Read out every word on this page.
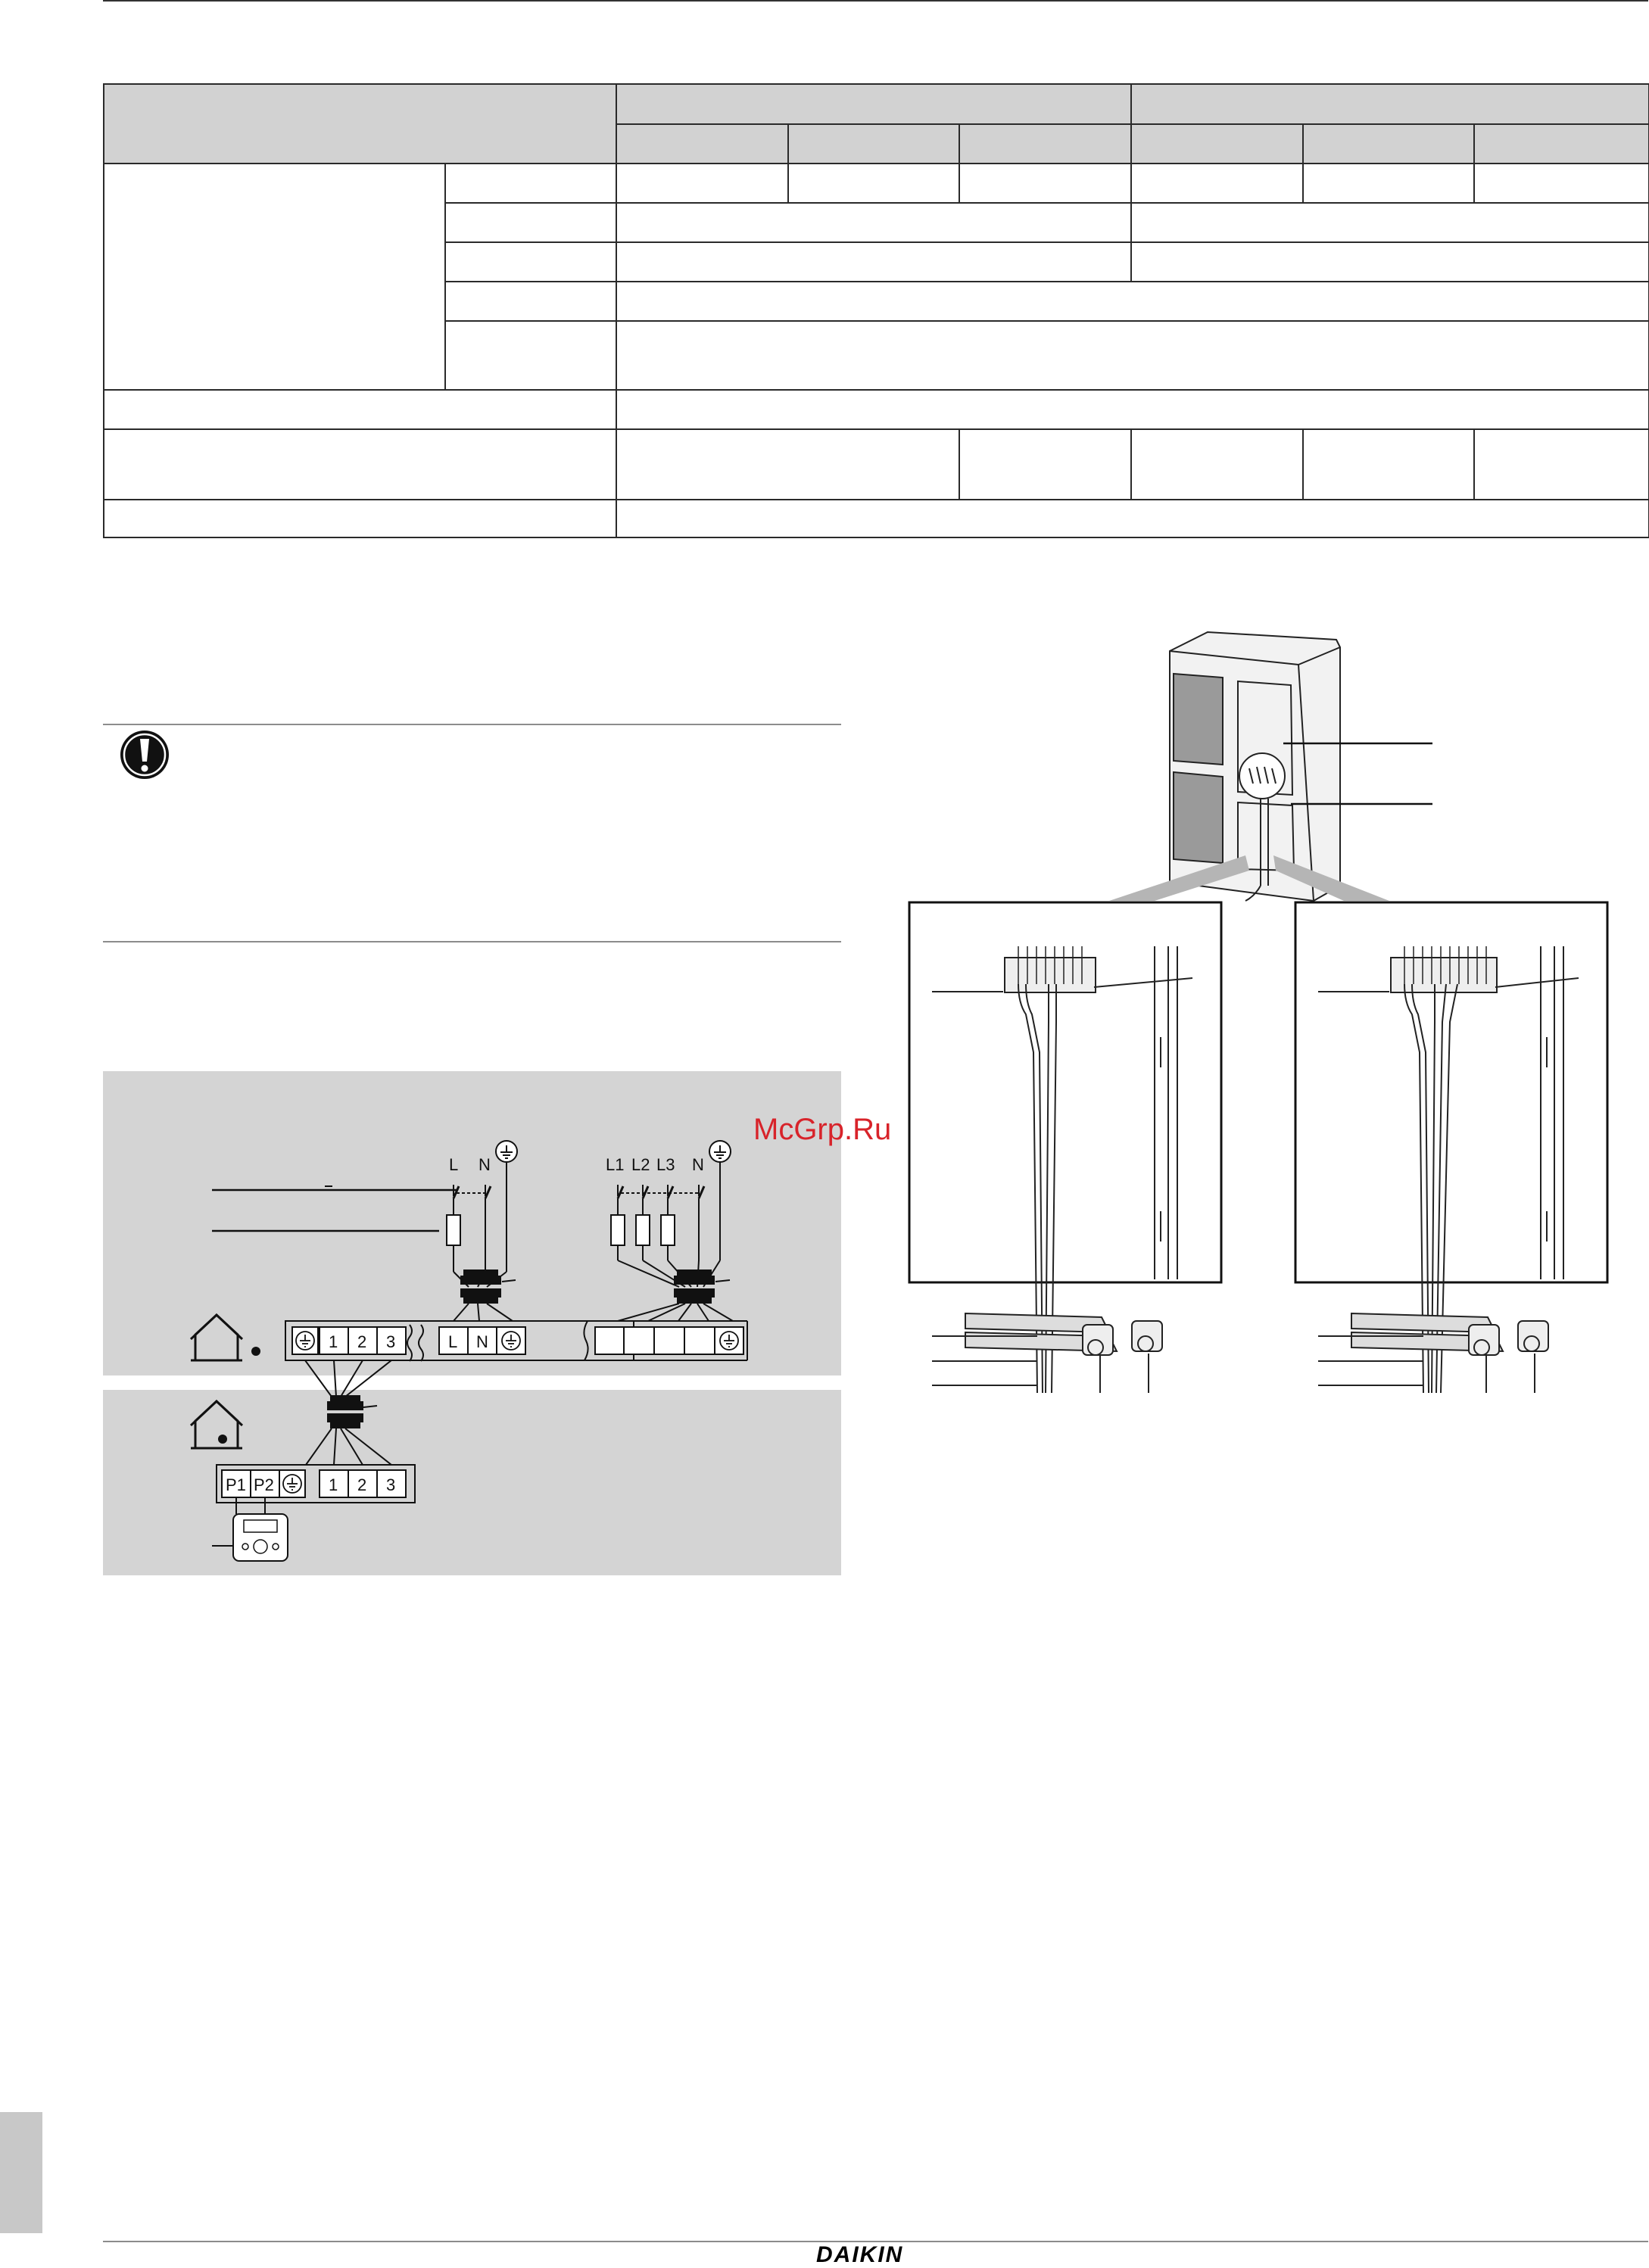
L N	L1 L2 L3 N
1 2 3	L N
P1 P2	1 2 3
McGrp.Ru
DAIKIN
